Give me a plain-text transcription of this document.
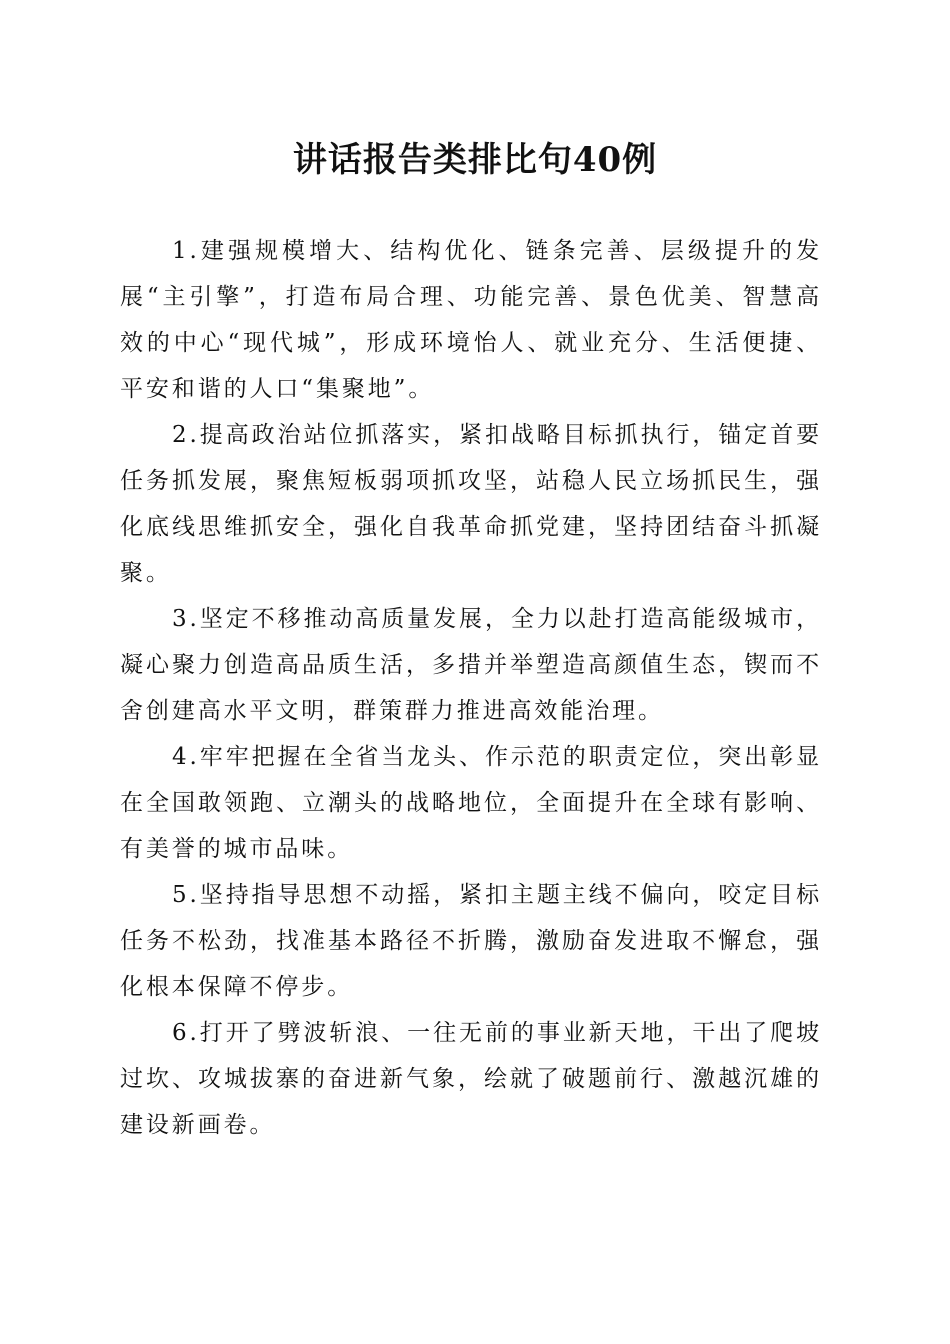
讲话报告类排比句40例

1.建强规模增大、结构优化、链条完善、层级提升的发展“主引擎”，打造布局合理、功能完善、景色优美、智慧高效的中心“现代城”，形成环境怡人、就业充分、生活便捷、平安和谐的人口“集聚地”。

2.提高政治站位抓落实，紧扣战略目标抓执行，锚定首要任务抓发展，聚焦短板弱项抓攻坚，站稳人民立场抓民生，强化底线思维抓安全，强化自我革命抓党建，坚持团结奋斗抓凝聚。

3.坚定不移推动高质量发展，全力以赴打造高能级城市，凝心聚力创造高品质生活，多措并举塑造高颜值生态，锲而不舍创建高水平文明，群策群力推进高效能治理。

4.牢牢把握在全省当龙头、作示范的职责定位，突出彰显在全国敢领跑、立潮头的战略地位，全面提升在全球有影响、有美誉的城市品味。

5.坚持指导思想不动摇，紧扣主题主线不偏向，咬定目标任务不松劲，找准基本路径不折腾，激励奋发进取不懈怠，强化根本保障不停步。

6.打开了劈波斩浪、一往无前的事业新天地，干出了爬坡过坎、攻城拔寨的奋进新气象，绘就了破题前行、激越沉雄的建设新画卷。
